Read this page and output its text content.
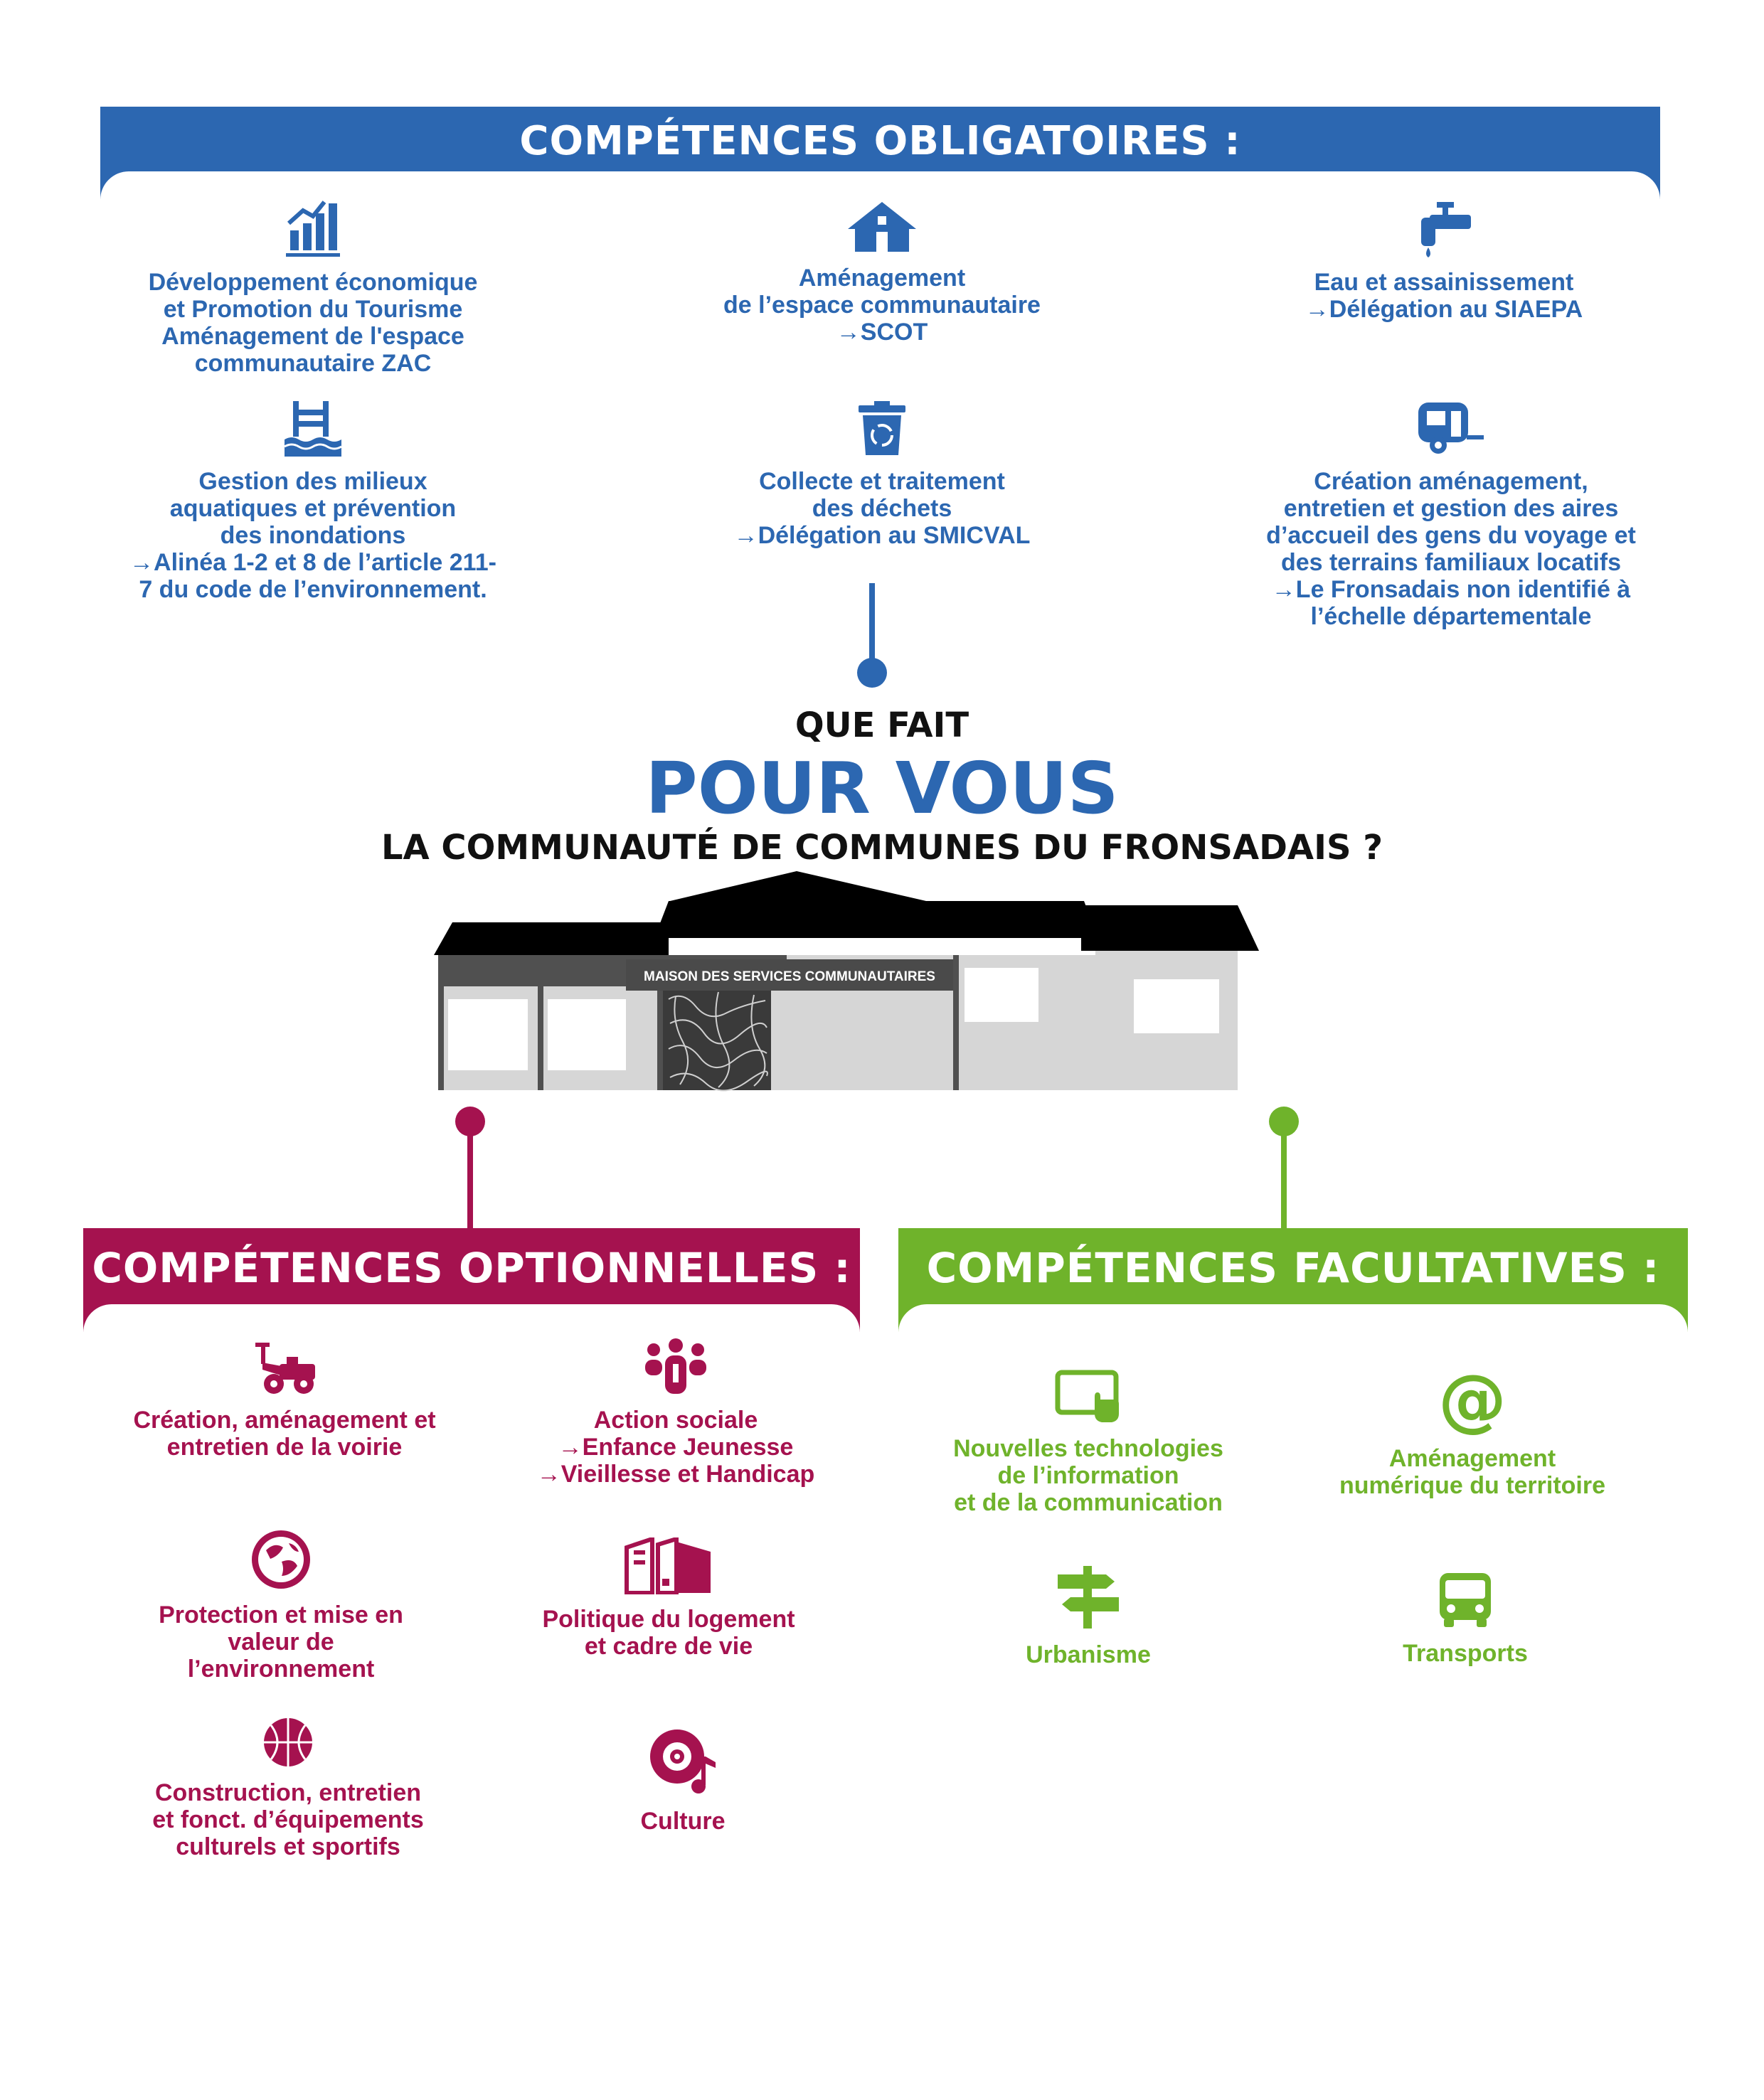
COMPÉTENCES OBLIGATOIRES :
Développement économique
et Promotion du Tourisme
Aménagement de l'espace
communautaire ZAC
Aménagement
de l’espace communautaire
→SCOT
Eau et assainissement
→Délégation au SIAEPA
Gestion des milieux
aquatiques et prévention
des inondations
→Alinéa 1-2 et 8 de l’article 211-
7 du code de l’environnement.
Collecte et traitement
des déchets
→Délégation au SMICVAL
Création aménagement,
entretien et gestion des aires
d’accueil des gens du voyage et
des terrains familiaux locatifs
→Le Fronsadais non identifié à
l’échelle départementale
QUE FAIT
POUR VOUS
LA COMMUNAUTÉ DE COMMUNES DU FRONSADAIS ?
MAISON DES SERVICES COMMUNAUTAIRES
COMPÉTENCES OPTIONNELLES :	COMPÉTENCES FACULTATIVES :
Création, aménagement et
entretien de la voirie
Action sociale
→Enfance Jeunesse
→Vieillesse et Handicap
Protection et mise en
valeur de
l’environnement
Politique du logement
et cadre de vie
Construction, entretien
et fonct. d’équipements
culturels et sportifs
Culture
Nouvelles technologies
de l’information
et de la communication
@
Aménagement
numérique du territoire
Urbanisme	Transports
